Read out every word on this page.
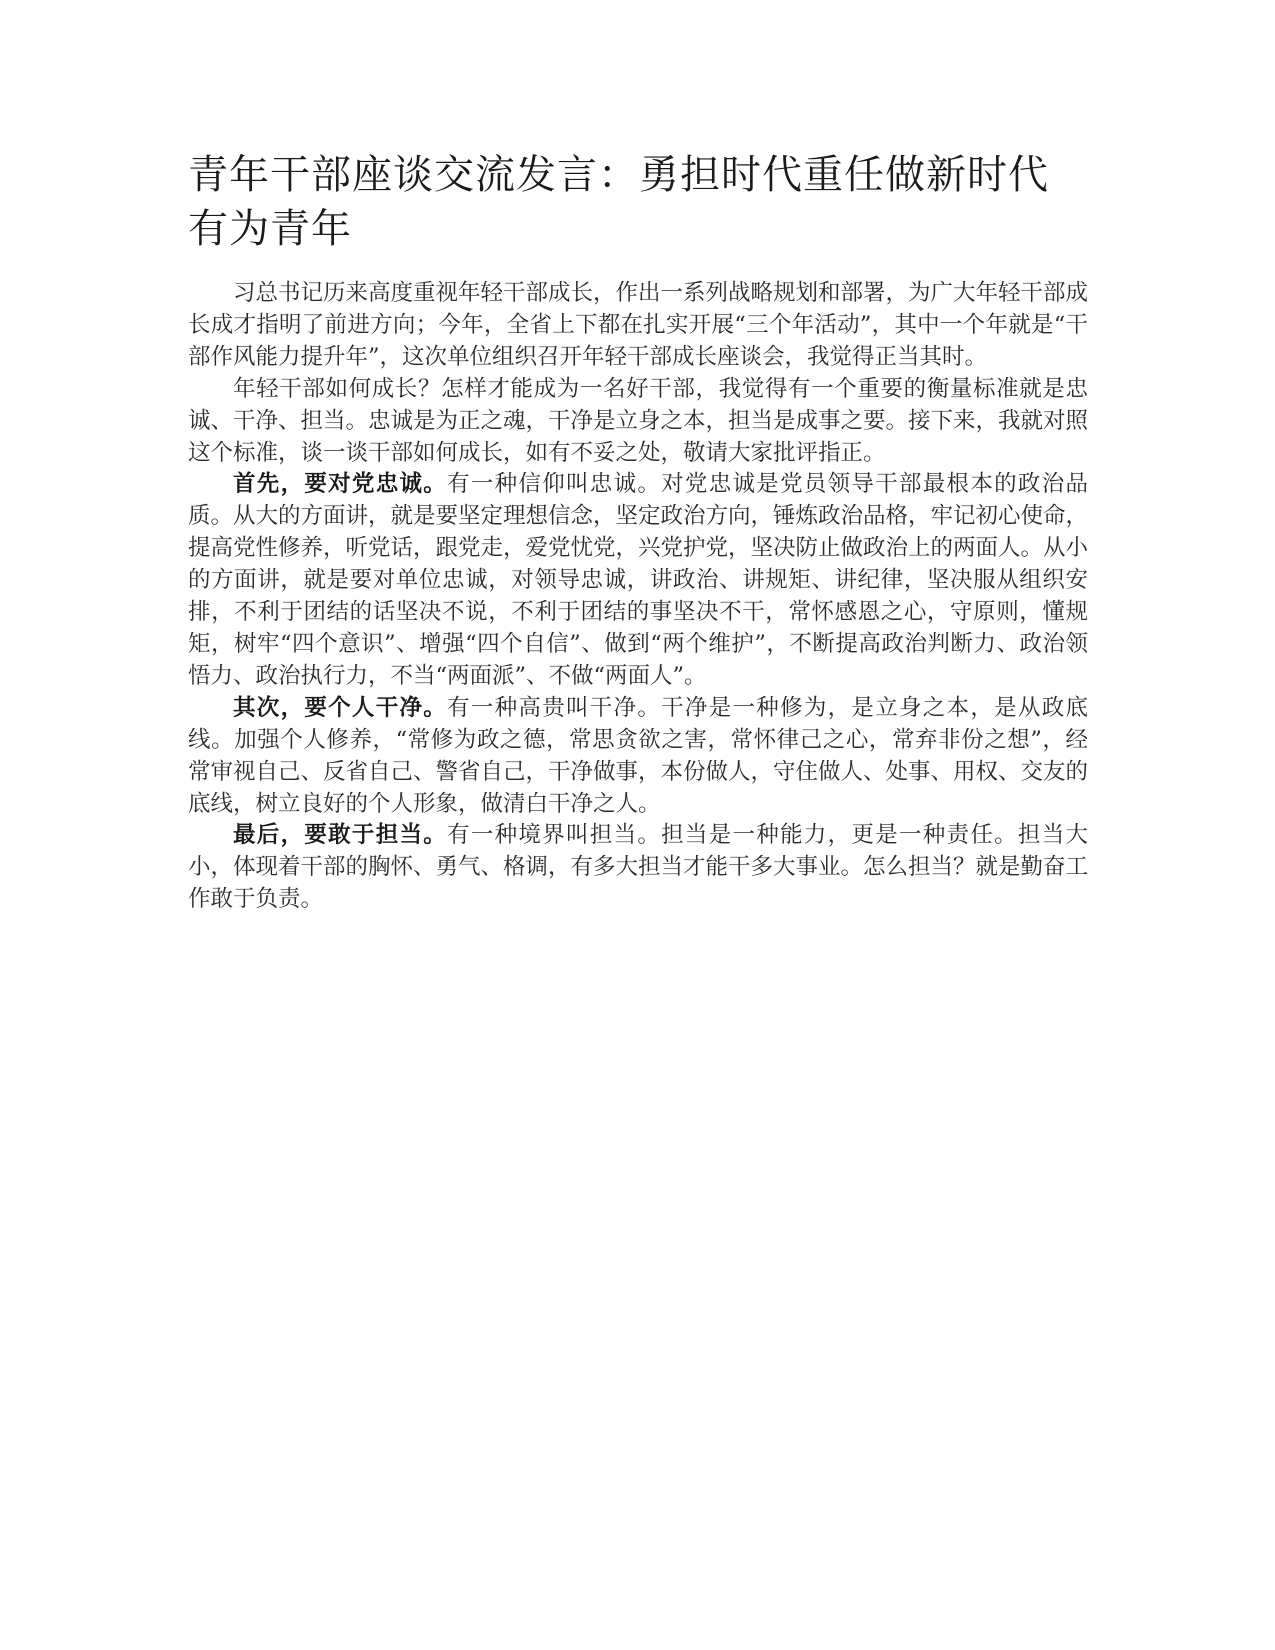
青年干部座谈交流发言：勇担时代重任做新时代有为青年

习总书记历来高度重视年轻干部成长，作出一系列战略规划和部署，为广大年轻干部成长成才指明了前进方向；今年，全省上下都在扎实开展“三个年活动”，其中一个年就是“干部作风能力提升年”，这次单位组织召开年轻干部成长座谈会，我觉得正当其时。

年轻干部如何成长？怎样才能成为一名好干部，我觉得有一个重要的衡量标准就是忠诚、干净、担当。忠诚是为正之魂，干净是立身之本，担当是成事之要。接下来，我就对照这个标准，谈一谈干部如何成长，如有不妥之处，敬请大家批评指正。

首先，要对党忠诚。有一种信仰叫忠诚。对党忠诚是党员领导干部最根本的政治品质。从大的方面讲，就是要坚定理想信念，坚定政治方向，锤炼政治品格，牢记初心使命，提高党性修养，听党话，跟党走，爱党忧党，兴党护党，坚决防止做政治上的两面人。从小的方面讲，就是要对单位忠诚，对领导忠诚，讲政治、讲规矩、讲纪律，坚决服从组织安排，不利于团结的话坚决不说，不利于团结的事坚决不干，常怀感恩之心，守原则，懂规矩，树牢“四个意识”、增强“四个自信”、做到“两个维护”，不断提高政治判断力、政治领悟力、政治执行力，不当“两面派”、不做“两面人”。

其次，要个人干净。有一种高贵叫干净。干净是一种修为，是立身之本，是从政底线。加强个人修养，“常修为政之德，常思贪欲之害，常怀律己之心，常弃非份之想”，经常审视自己、反省自己、警省自己，干净做事，本份做人，守住做人、处事、用权、交友的底线，树立良好的个人形象，做清白干净之人。

最后，要敢于担当。有一种境界叫担当。担当是一种能力，更是一种责任。担当大小，体现着干部的胸怀、勇气、格调，有多大担当才能干多大事业。怎么担当？就是勤奋工作敢于负责。
